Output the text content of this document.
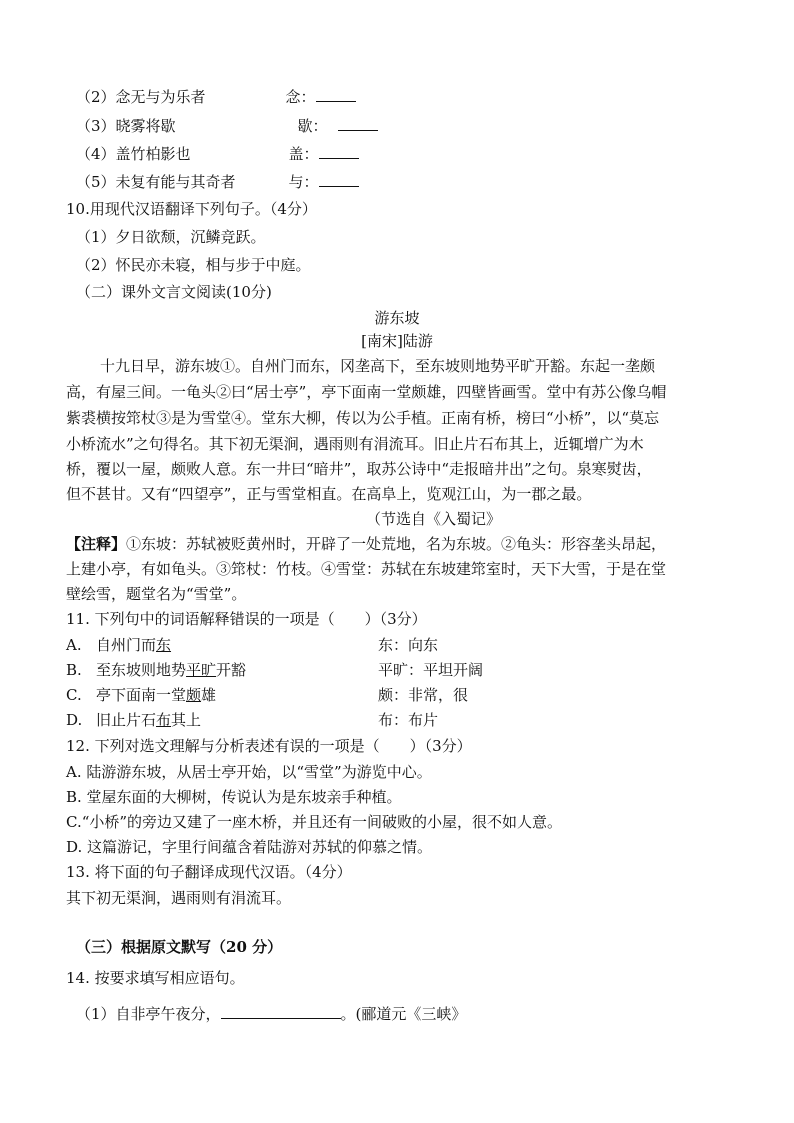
（2）念无与为乐者	念：
（3）晓雾将歇	歇：
（4）盖竹柏影也	盖：
（5）未复有能与其奇者	与：
10.用现代汉语翻译下列句子。（4分）
（1）夕日欲颓，沉鳞竞跃。
（2）怀民亦未寝，相与步于中庭。
（二）课外文言文阅读(10分)
游东坡
[南宋]陆游
十九日早，游东坡①。自州门而东，冈垄高下，至东坡则地势平旷开豁。东起一垄颇
高，有屋三间。一龟头②曰“居士亭”，亭下面南一堂颇雄，四壁皆画雪。堂中有苏公像乌帽
紫裘横按筇杖③是为雪堂④。堂东大柳，传以为公手植。正南有桥，榜曰“小桥”，以“莫忘
小桥流水”之句得名。其下初无渠涧，遇雨则有涓流耳。旧止片石布其上，近辄增广为木
桥，覆以一屋，颇败人意。东一井曰“暗井”，取苏公诗中“走报暗井出”之句。泉寒熨齿，
但不甚甘。又有“四望亭”，正与雪堂相直。在高阜上，览观江山，为一郡之最。
（节选自《入蜀记》
【注释】①东坡：苏轼被贬黄州时，开辟了一处荒地，名为东坡。②龟头：形容垄头昂起，
上建小亭，有如龟头。③筇杖：竹枝。④雪堂：苏轼在东坡建筇室时，天下大雪，于是在堂
壁绘雪，题堂名为“雪堂”。
11. 下列句中的词语解释错误的一项是（　　）（3分）
A. 自州门而东	东：向东
B. 至东坡则地势平旷开豁	平旷：平坦开阔
C. 亭下面南一堂颇雄	颇：非常，很
D. 旧止片石布其上	布：布片
12. 下列对选文理解与分析表述有误的一项是（　　）（3分）
A. 陆游游东坡，从居士亭开始，以“雪堂”为游览中心。
B. 堂屋东面的大柳树，传说认为是东坡亲手种植。
C.“小桥”的旁边又建了一座木桥，并且还有一间破败的小屋，很不如人意。
D. 这篇游记，字里行间蕴含着陆游对苏轼的仰慕之情。
13. 将下面的句子翻译成现代汉语。（4分）
其下初无渠涧，遇雨则有涓流耳。
（三）根据原文默写（20 分）
14. 按要求填写相应语句。
（1）自非亭午夜分，	。(郦道元《三峡》
